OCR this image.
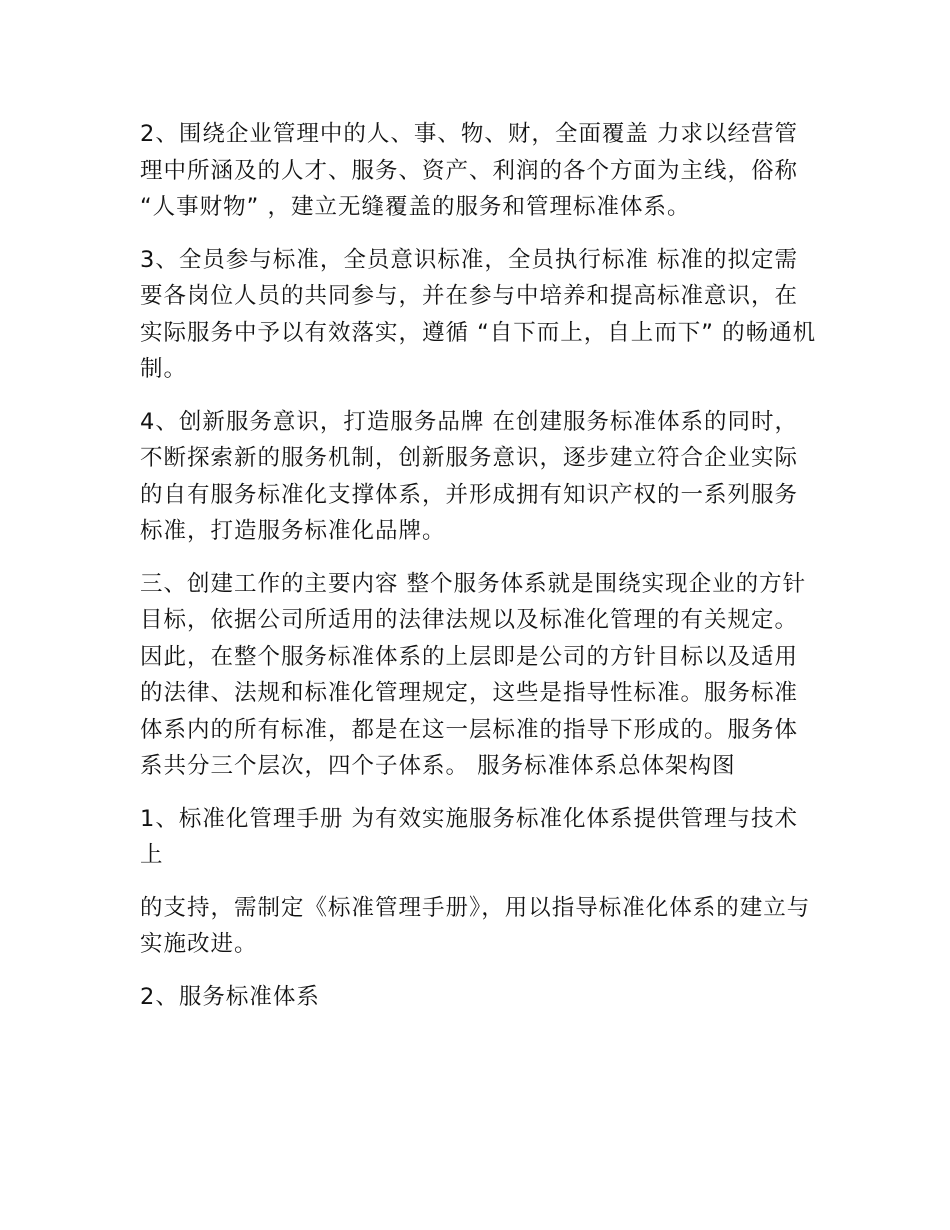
2、围绕企业管理中的人、事、物、财，全面覆盖 力求以经营管理中所涵及的人才、服务、资产、利润的各个方面为主线，俗称 “人事财物” ，建立无缝覆盖的服务和管理标准体系。

3、全员参与标准，全员意识标准，全员执行标准 标准的拟定需要各岗位人员的共同参与，并在参与中培养和提高标准意识，在实际服务中予以有效落实，遵循 “自下而上，自上而下” 的畅通机制。

4、创新服务意识，打造服务品牌 在创建服务标准体系的同时，不断探索新的服务机制，创新服务意识，逐步建立符合企业实际的自有服务标准化支撑体系，并形成拥有知识产权的一系列服务标准，打造服务标准化品牌。

三、创建工作的主要内容 整个服务体系就是围绕实现企业的方针目标，依据公司所适用的法律法规以及标准化管理的有关规定。因此，在整个服务标准体系的上层即是公司的方针目标以及适用的法律、法规和标准化管理规定，这些是指导性标准。服务标准体系内的所有标准，都是在这一层标准的指导下形成的。服务体系共分三个层次，四个子体系。 服务标准体系总体架构图

1、标准化管理手册 为有效实施服务标准化体系提供管理与技术上

的支持，需制定《标准管理手册》，用以指导标准化体系的建立与实施改进。

2、服务标准体系
